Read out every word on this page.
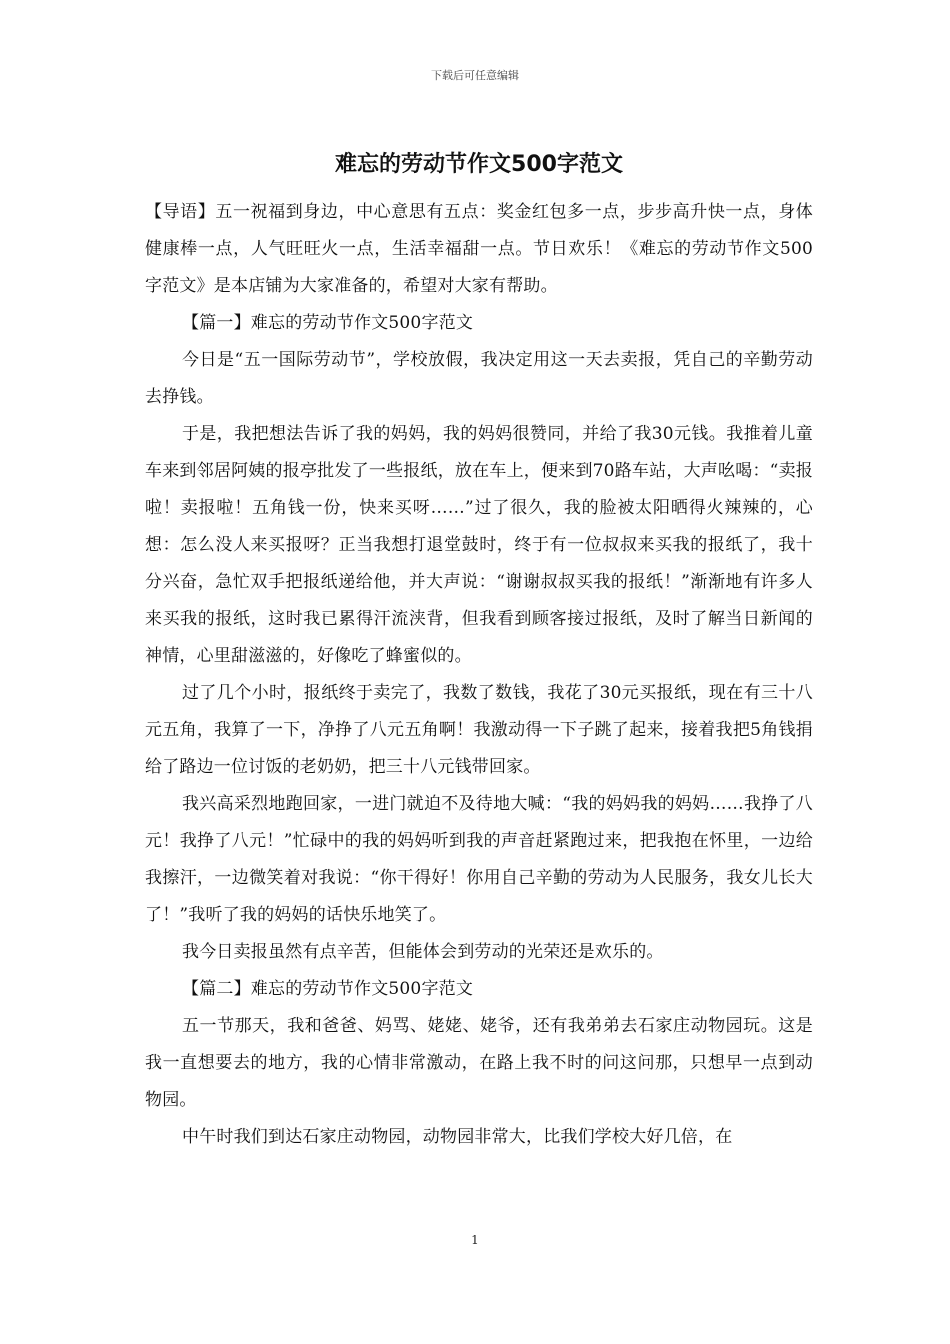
下载后可任意编辑
难忘的劳动节作文500字范文

【导语】五一祝福到身边，中心意思有五点：奖金红包多一点，步步高升快一点，身体健康棒一点，人气旺旺火一点，生活幸福甜一点。节日欢乐！《难忘的劳动节作文500字范文》是本店铺为大家准备的，希望对大家有帮助。

【篇一】难忘的劳动节作文500字范文

今日是“五一国际劳动节”，学校放假，我决定用这一天去卖报，凭自己的辛勤劳动去挣钱。

于是，我把想法告诉了我的妈妈，我的妈妈很赞同，并给了我30元钱。我推着儿童车来到邻居阿姨的报亭批发了一些报纸，放在车上，便来到70路车站，大声吆喝：“卖报啦！卖报啦！五角钱一份，快来买呀……”过了很久，我的脸被太阳晒得火辣辣的，心想：怎么没人来买报呀？正当我想打退堂鼓时，终于有一位叔叔来买我的报纸了，我十分兴奋，急忙双手把报纸递给他，并大声说：“谢谢叔叔买我的报纸！”渐渐地有许多人来买我的报纸，这时我已累得汗流浃背，但我看到顾客接过报纸，及时了解当日新闻的神情，心里甜滋滋的，好像吃了蜂蜜似的。

过了几个小时，报纸终于卖完了，我数了数钱，我花了30元买报纸，现在有三十八元五角，我算了一下，净挣了八元五角啊！我激动得一下子跳了起来，接着我把5角钱捐给了路边一位讨饭的老奶奶，把三十八元钱带回家。

我兴高采烈地跑回家，一进门就迫不及待地大喊：“我的妈妈我的妈妈……我挣了八元！我挣了八元！”忙碌中的我的妈妈听到我的声音赶紧跑过来，把我抱在怀里，一边给我擦汗，一边微笑着对我说：“你干得好！你用自己辛勤的劳动为人民服务，我女儿长大了！”我听了我的妈妈的话快乐地笑了。

我今日卖报虽然有点辛苦，但能体会到劳动的光荣还是欢乐的。

【篇二】难忘的劳动节作文500字范文

五一节那天，我和爸爸、妈骂、姥姥、姥爷，还有我弟弟去石家庄动物园玩。这是我一直想要去的地方，我的心情非常激动，在路上我不时的问这问那，只想早一点到动物园。

中午时我们到达石家庄动物园，动物园非常大，比我们学校大好几倍，在

1
